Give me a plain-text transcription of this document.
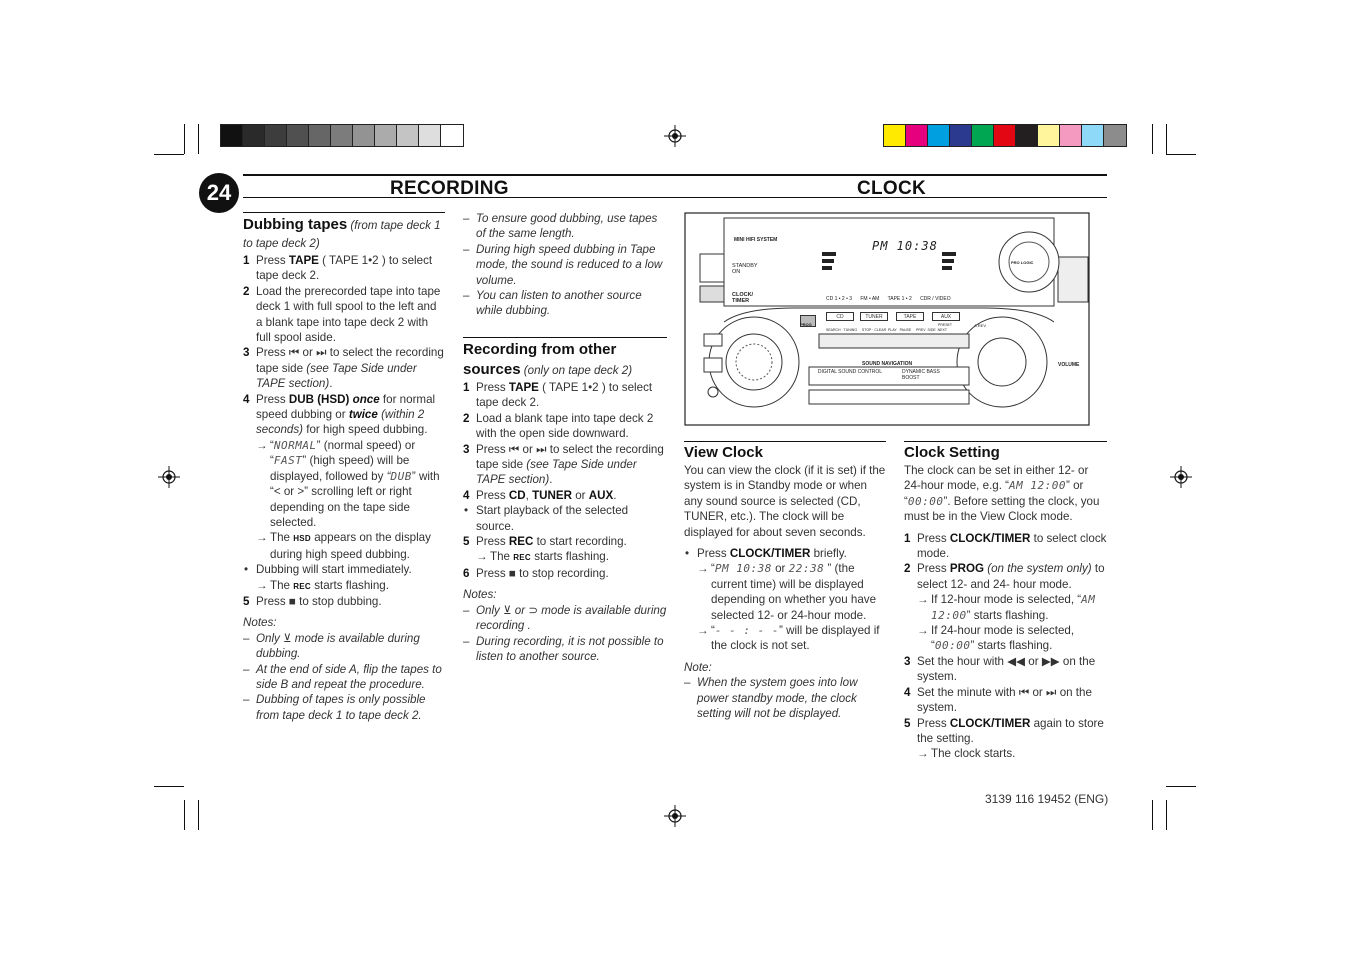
24	RECORDING	CLOCK

Dubbing tapes (from tape deck 1 to tape deck 2)

1 Press TAPE ( TAPE 1•2 ) to select tape deck 2.
2 Load the prerecorded tape into tape deck 1 with full spool to the left and a blank tape into tape deck 2 with full spool aside.
3 Press ⏮ or ⏭ to select the recording tape side (see Tape Side under TAPE section).
4 Press DUB (HSD) once for normal speed dubbing or twice (within 2 seconds) for high speed dubbing.
→ “NORMAL” (normal speed) or “FAST” (high speed) will be displayed, followed by “DUB” with “< or >” scrolling left or right depending on the tape side selected.
→ The HSD appears on the display during high speed dubbing.
• Dubbing will start immediately.
→ The REC starts flashing.
5 Press ■ to stop dubbing.

Notes:

– Only ⊻ mode is available during dubbing.
– At the end of side A, flip the tapes to side B and repeat the procedure.
– Dubbing of tapes is only possible from tape deck 1 to tape deck 2.
– To ensure good dubbing, use tapes of the same length.
– During high speed dubbing in Tape mode, the sound is reduced to a low volume.
– You can listen to another source while dubbing.

Recording from other sources (only on tape deck 2)

1 Press TAPE ( TAPE 1•2 ) to select tape deck 2.
2 Load a blank tape into tape deck 2 with the open side downward.
3 Press ⏮ or ⏭ to select the recording tape side (see Tape Side under TAPE section).
4 Press CD, TUNER or AUX.
• Start playback of the selected source.
5 Press REC to start recording.
→ The REC starts flashing.
6 Press ■ to stop recording.

Notes:

– Only ⊻ or ⊃ mode is available during recording .
– During recording, it is not possible to listen to another source.
MINI HIFI SYSTEM
STANDBY ON
CLOCK/ TIMER
PM 10:38
CD 1 • 2 • 3      FM • AM      TAPE 1 • 2      CDR / VIDEO
PRO LOGIC
PROG
CD	TUNER	TAPE	AUX
A.REV
SEARCH · TUNING     STOP · CLEAR  PLAY   PAUSE     PREV  SIDE  NEXT
PRESET
SOUND NAVIGATION
DIGITAL SOUND CONTROL	DYNAMIC BASS BOOST
VOLUME

View Clock

You can view the clock (if it is set) if the system is in Standby mode or when any sound source is selected (CD, TUNER, etc.). The clock will be displayed for about seven seconds.

• Press CLOCK/TIMER briefly.
→ “PM 10:38 or 22:38 ” (the current time) will be displayed depending on whether you have selected 12- or 24-hour mode.
→ “- - : - -” will be displayed if the clock is not set.

Note:

– When the system goes into low power standby mode, the clock setting will not be displayed.

Clock Setting

The clock can be set in either 12- or 24-hour mode, e.g. “AM 12:00” or “00:00”. Before setting the clock, you must be in the View Clock mode.

1 Press CLOCK/TIMER to select clock mode.
2 Press PROG (on the system only) to select 12- and 24- hour mode.
→ If 12-hour mode is selected, “AM 12:00” starts flashing.
→ If 24-hour mode is selected, “00:00” starts flashing.
3 Set the hour with ◀◀ or ▶▶ on the system.
4 Set the minute with ⏮ or ⏭ on the system.
5 Press CLOCK/TIMER again to store the setting.
→ The clock starts.
3139 116 19452 (ENG)
